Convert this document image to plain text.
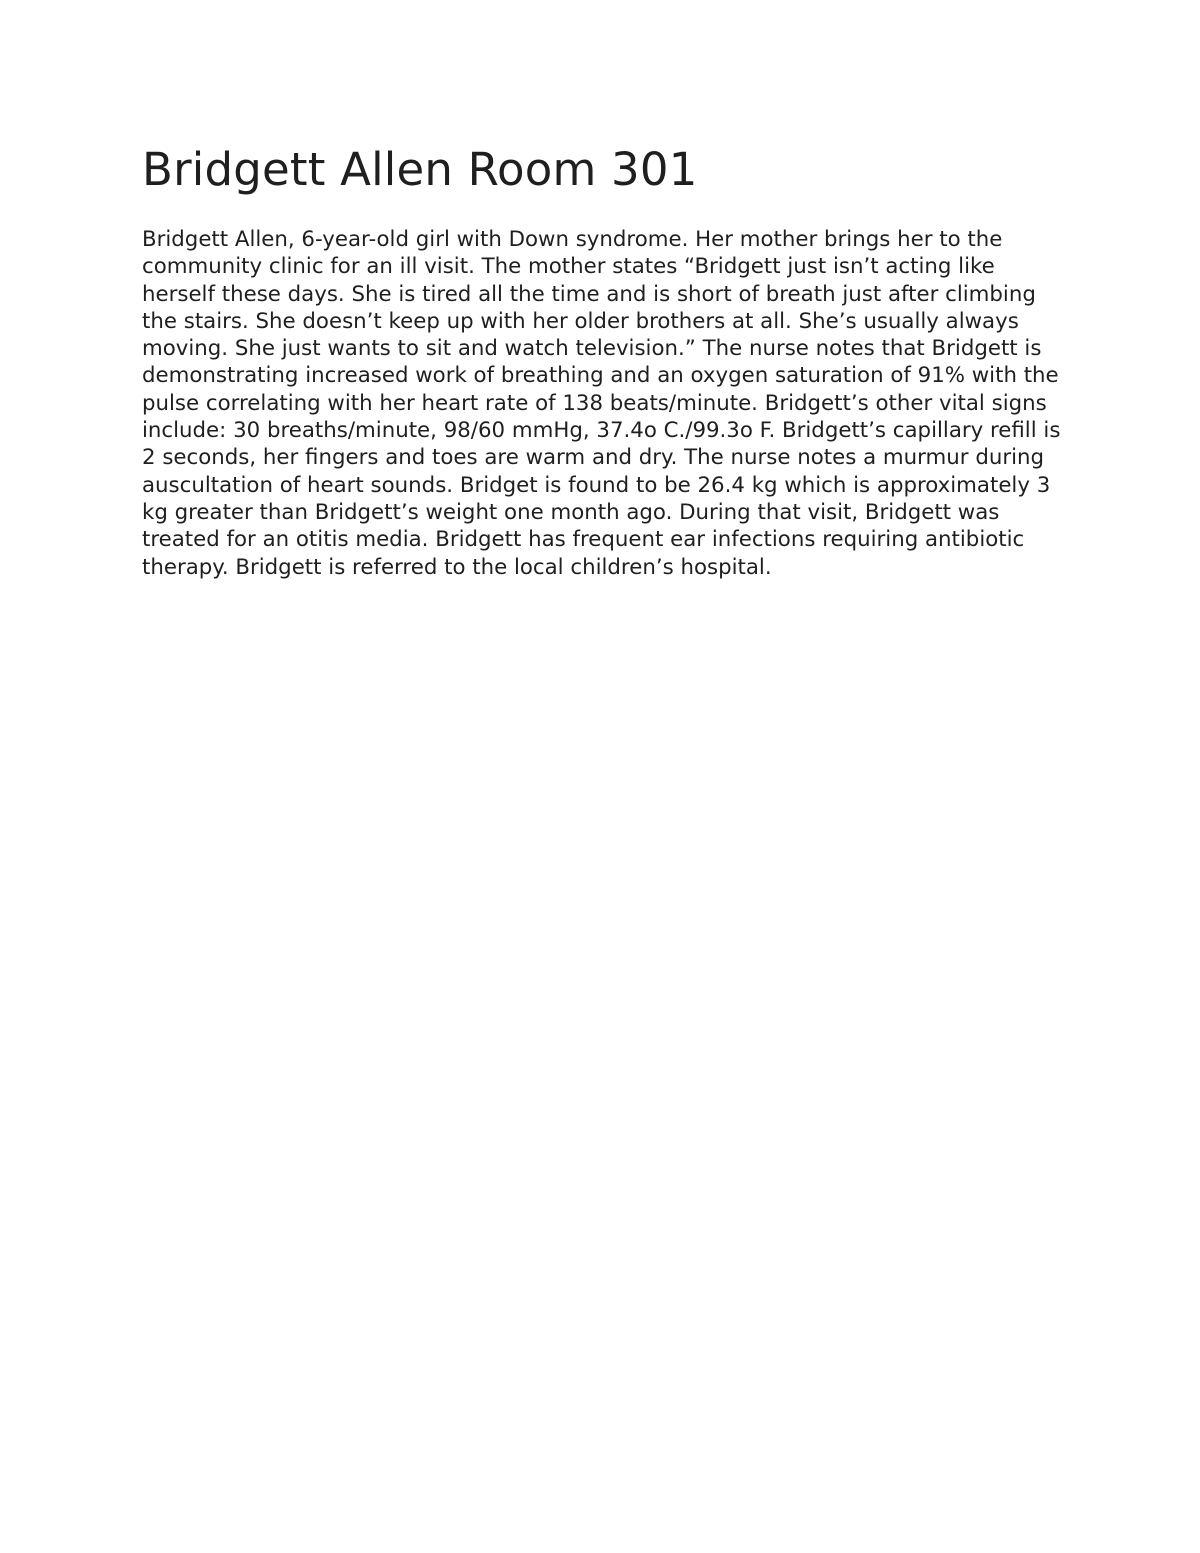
Bridgett Allen Room 301

Bridgett Allen, 6-year-old girl with Down syndrome. Her mother brings her to the community clinic for an ill visit. The mother states “Bridgett just isn’t acting like herself these days. She is tired all the time and is short of breath just after climbing the stairs. She doesn’t keep up with her older brothers at all. She’s usually always moving. She just wants to sit and watch television.” The nurse notes that Bridgett is demonstrating increased work of breathing and an oxygen saturation of 91% with the pulse correlating with her heart rate of 138 beats/minute. Bridgett’s other vital signs include: 30 breaths/minute, 98/60 mmHg, 37.4o C./99.3o F. Bridgett’s capillary refill is 2 seconds, her fingers and toes are warm and dry. The nurse notes a murmur during auscultation of heart sounds. Bridget is found to be 26.4 kg which is approximately 3 kg greater than Bridgett’s weight one month ago. During that visit, Bridgett was treated for an otitis media. Bridgett has frequent ear infections requiring antibiotic therapy. Bridgett is referred to the local children’s hospital.
